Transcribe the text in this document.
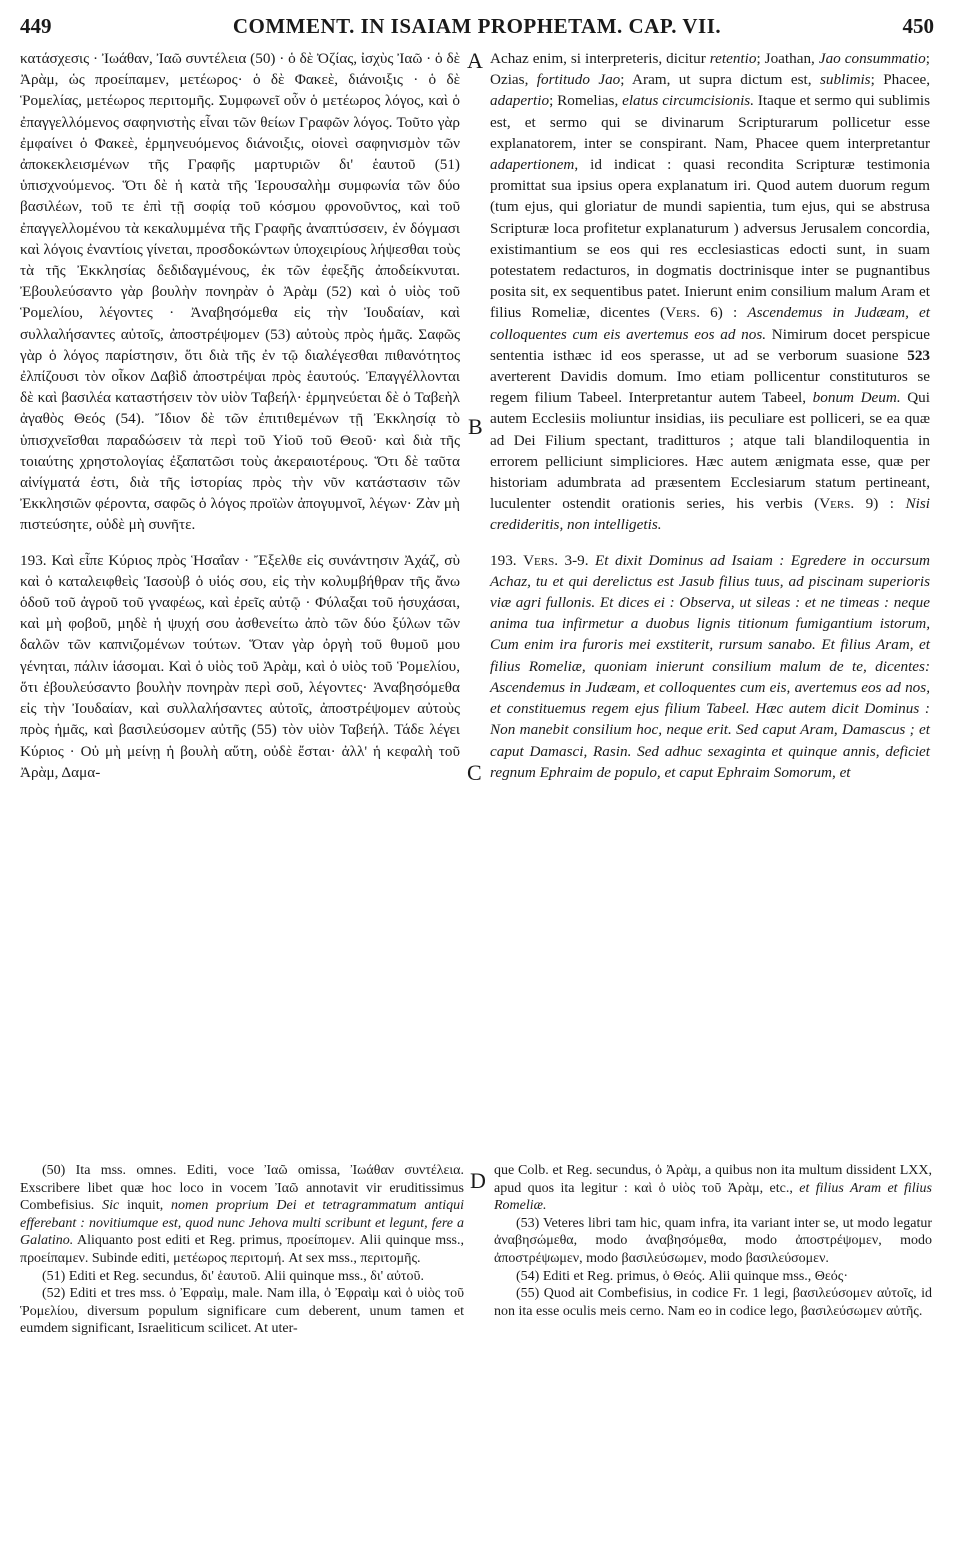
449	COMMENT. IN ISAIAM PROPHETAM. CAP. VII.	450
A
B
C
D

κατάσχεσις · Ἰωάθαν, Ἰαῶ συντέλεια (50) · ὁ δὲ Ὀζίας, ἰσχὺς Ἰαῶ · ὁ δὲ Ἀρὰμ, ὡς προείπαμεν, μετέωρος· ὁ δὲ Φακεὲ, διάνοιξις · ὁ δὲ Ῥομελίας, μετέωρος περιτομῆς. Συμφωνεῖ οὖν ὁ μετέωρος λόγος, καὶ ὁ ἐπαγγελλόμενος σαφηνιστὴς εἶναι τῶν θείων Γραφῶν λόγος. Τοῦτο γὰρ ἐμφαίνει ὁ Φακεὲ, ἑρμηνευόμενος διάνοιξις, οἱονεὶ σαφηνισμὸν τῶν ἀποκεκλεισμένων τῆς Γραφῆς μαρτυριῶν δι' ἑαυτοῦ (51) ὑπισχνούμενος. Ὅτι δὲ ἡ κατὰ τῆς Ἱερουσαλὴμ συμφωνία τῶν δύο βασιλέων, τοῦ τε ἐπὶ τῇ σοφίᾳ τοῦ κόσμου φρονοῦντος, καὶ τοῦ ἐπαγγελλομένου τὰ κεκαλυμμένα τῆς Γραφῆς ἀναπτύσσειν, ἐν δόγμασι καὶ λόγοις ἐναντίοις γίνεται, προσδοκώντων ὑποχειρίους λήψεσθαι τοὺς τὰ τῆς Ἐκκλησίας δεδιδαγμένους, ἐκ τῶν ἐφεξῆς ἀποδείκνυται. Ἐβουλεύσαντο γὰρ βουλὴν πονηρὰν ὁ Ἀρὰμ (52) καὶ ὁ υἱὸς τοῦ Ῥομελίου, λέγοντες · Ἀναβησόμεθα εἰς τὴν Ἰουδαίαν, καὶ συλλαλήσαντες αὐτοῖς, ἀποστρέψομεν (53) αὐτοὺς πρὸς ἡμᾶς. Σαφῶς γὰρ ὁ λόγος παρίστησιν, ὅτι διὰ τῆς ἐν τῷ διαλέγεσθαι πιθανότητος ἐλπίζουσι τὸν οἶκον Δαβὶδ ἀποστρέψαι πρὸς ἑαυτούς. Ἐπαγγέλλονται δὲ καὶ βασιλέα καταστήσειν τὸν υἱὸν Ταβεήλ· ἑρμηνεύεται δὲ ὁ Ταβεὴλ ἀγαθὸς Θεός (54). Ἴδιον δὲ τῶν ἐπιτιθεμένων τῇ Ἐκκλησίᾳ τὸ ὑπισχνεῖσθαι παραδώσειν τὰ περὶ τοῦ Υἱοῦ τοῦ Θεοῦ· καὶ διὰ τῆς τοιαύτης χρηστολογίας ἐξαπατῶσι τοὺς ἀκεραιοτέρους. Ὅτι δὲ ταῦτα αἰνίγματά ἐστι, διὰ τῆς ἱστορίας πρὸς τὴν νῦν κατάστασιν τῶν Ἐκκλησιῶν φέροντα, σαφῶς ὁ λόγος προϊὼν ἀπογυμνοῖ, λέγων· Ζὰν μὴ πιστεύσητε, οὐδὲ μὴ συνῆτε.

193. Καὶ εἶπε Κύριος πρὸς Ἡσαΐαν · Ἔξελθε εἰς συνάντησιν Ἀχάζ, σὺ καὶ ὁ καταλειφθεὶς Ἰασοὺβ ὁ υἱός σου, εἰς τὴν κολυμβήθραν τῆς ἄνω ὁδοῦ τοῦ ἀγροῦ τοῦ γναφέως, καὶ ἐρεῖς αὐτῷ · Φύλαξαι τοῦ ἡσυχάσαι, καὶ μὴ φοβοῦ, μηδὲ ἡ ψυχή σου ἀσθενείτω ἀπὸ τῶν δύο ξύλων τῶν δαλῶν τῶν καπνιζομένων τούτων. Ὅταν γὰρ ὀργὴ τοῦ θυμοῦ μου γένηται, πάλιν ἰάσομαι. Καὶ ὁ υἱὸς τοῦ Ἀρὰμ, καὶ ὁ υἱὸς τοῦ Ῥομελίου, ὅτι ἐβουλεύσαντο βουλὴν πονηρὰν περὶ σοῦ, λέγοντες· Ἀναβησόμεθα εἰς τὴν Ἰουδαίαν, καὶ συλλαλήσαντες αὐτοῖς, ἀποστρέψομεν αὐτοὺς πρὸς ἡμᾶς, καὶ βασιλεύσομεν αὐτῆς (55) τὸν υἱὸν Ταβεήλ. Τάδε λέγει Κύριος · Οὐ μὴ μείνῃ ἡ βουλὴ αὕτη, οὐδὲ ἔσται· ἀλλ' ἡ κεφαλὴ τοῦ Ἀρὰμ, Δαμα-

Achaz enim, si interpreteris, dicitur retentio; Joathan, Jao consummatio; Ozias, fortitudo Jao; Aram, ut supra dictum est, sublimis; Phacee, adapertio; Romelias, elatus circumcisionis. Itaque et sermo qui sublimis est, et sermo qui se divinarum Scripturarum pollicetur esse explanatorem, inter se conspirant. Nam, Phacee quem interpretantur adapertionem, id indicat : quasi recondita Scripturæ testimonia promittat sua ipsius opera explanatum iri. Quod autem duorum regum (tum ejus, qui gloriatur de mundi sapientia, tum ejus, qui se abstrusa Scripturæ loca profitetur explanaturum ) adversus Jerusalem concordia, existimantium se eos qui res ecclesiasticas edocti sunt, in suam potestatem redacturos, in dogmatis doctrinisque inter se pugnantibus posita sit, ex sequentibus patet. Inierunt enim consilium malum Aram et filius Romeliæ, dicentes (Vers. 6) : Ascendemus in Judæam, et colloquentes cum eis avertemus eos ad nos. Nimirum docet perspicue sententia isthæc id eos sperasse, ut ad se verborum suasione 523 averterent Davidis domum. Imo etiam pollicentur constituturos se regem filium Tabeel. Interpretantur autem Tabeel, bonum Deum. Qui autem Ecclesiis moliuntur insidias, iis peculiare est polliceri, se ea quæ ad Dei Filium spectant, traditturos ; atque tali blandiloquentia in errorem pelliciunt simpliciores. Hæc autem ænigmata esse, quæ per historiam adumbrata ad præsentem Ecclesiarum statum pertineant, luculenter ostendit orationis series, his verbis (Vers. 9) : Nisi credideritis, non intelligetis.

193. Vers. 3-9. Et dixit Dominus ad Isaiam : Egredere in occursum Achaz, tu et qui derelictus est Jasub filius tuus, ad piscinam superioris viæ agri fullonis. Et dices ei : Observa, ut sileas : et ne timeas : neque anima tua infirmetur a duobus lignis titionum fumigantium istorum, Cum enim ira furoris mei exstiterit, rursum sanabo. Et filius Aram, et filius Romeliæ, quoniam inierunt consilium malum de te, dicentes: Ascendemus in Judæam, et colloquentes cum eis, avertemus eos ad nos, et constituemus regem ejus filium Tabeel. Hæc autem dicit Dominus : Non manebit consilium hoc, neque erit. Sed caput Aram, Damascus ; et caput Damasci, Rasin. Sed adhuc sexaginta et quinque annis, deficiet regnum Ephraim de populo, et caput Ephraim Somorum, et

(50) Ita mss. omnes. Editi, voce Ἰαῶ omissa, Ἰωάθαν συντέλεια. Exscribere libet quæ hoc loco in vocem Ἰαῶ annotavit vir eruditissimus Combefisius. Sic inquit, nomen proprium Dei et tetragrammatum antiqui efferebant : novitiumque est, quod nunc Jehova multi scribunt et legunt, fere a Galatino. Aliquanto post editi et Reg. primus, προείπομεν. Alii quinque mss., προείπαμεν. Subinde editi, μετέωρος περιτομή. At sex mss., περιτομῆς.

(51) Editi et Reg. secundus, δι' ἑαυτοῦ. Alii quinque mss., δι' αὐτοῦ.

(52) Editi et tres mss. ὁ Ἐφραὶμ, male. Nam illa, ὁ Ἐφραὶμ καὶ ὁ υἱὸς τοῦ Ῥομελίου, diversum populum significare cum deberent, unum tamen et eumdem significant, Israeliticum scilicet. At uter-

que Colb. et Reg. secundus, ὁ Ἀρὰμ, a quibus non ita multum dissident LXX, apud quos ita legitur : καὶ ὁ υἱὸς τοῦ Ἀρὰμ, etc., et filius Aram et filius Romeliæ.

(53) Veteres libri tam hic, quam infra, ita variant inter se, ut modo legatur ἀναβησώμεθα, modo ἀναβησόμεθα, modo ἀποστρέψομεν, modo ἀποστρέψωμεν, modo βασιλεύσωμεν, modo βασιλεύσομεν.

(54) Editi et Reg. primus, ὁ Θεός. Alii quinque mss., Θεός·

(55) Quod ait Combefisius, in codice Fr. 1 legi, βασιλεύσομεν αὐτοῖς, id non ita esse oculis meis cerno. Nam eo in codice lego, βασιλεύσωμεν αὐτῆς.
